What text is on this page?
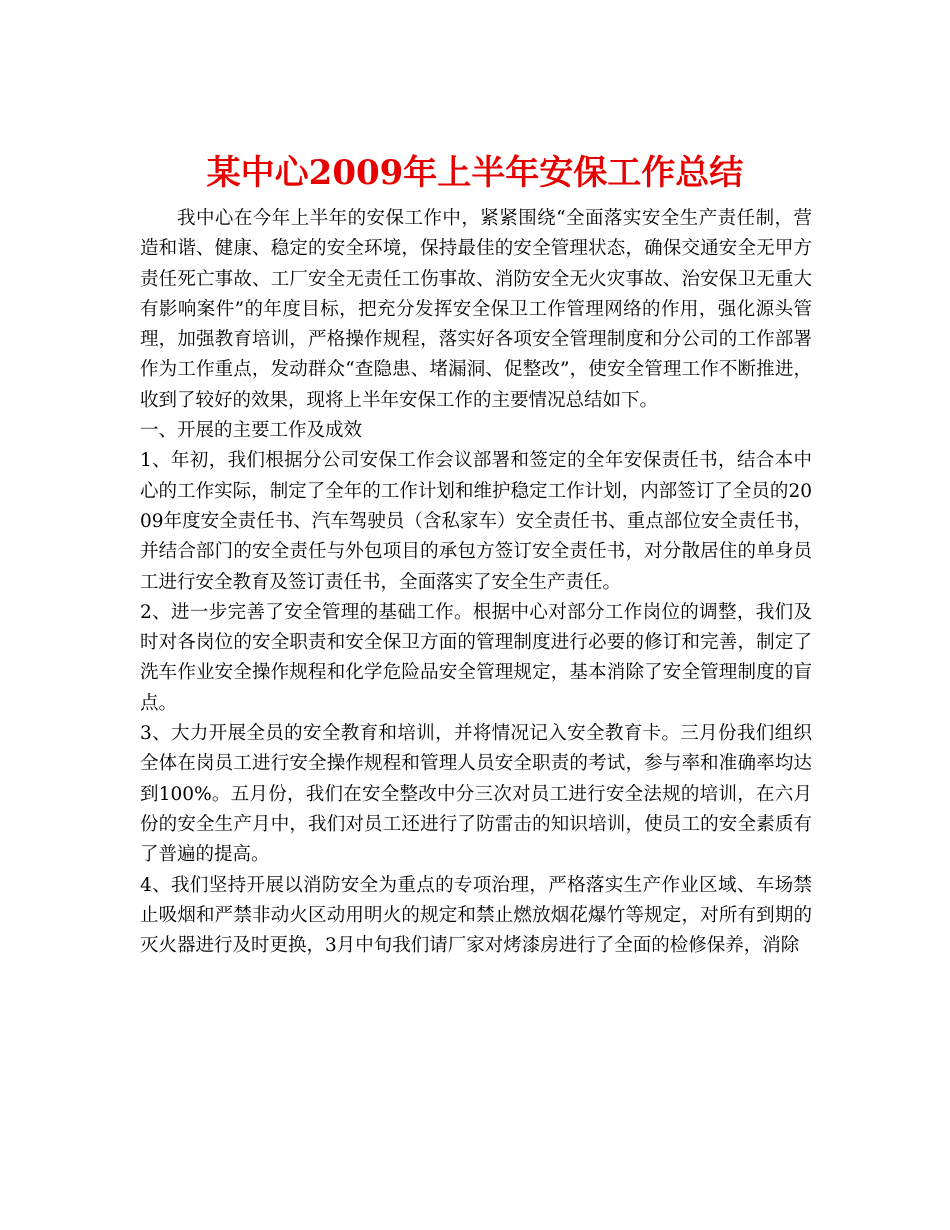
某中心2009年上半年安保工作总结

我中心在今年上半年的安保工作中，紧紧围绕“全面落实安全生产责任制，营造和谐、健康、稳定的安全环境，保持最佳的安全管理状态，确保交通安全无甲方责任死亡事故、工厂安全无责任工伤事故、消防安全无火灾事故、治安保卫无重大有影响案件”的年度目标，把充分发挥安全保卫工作管理网络的作用，强化源头管理，加强教育培训，严格操作规程，落实好各项安全管理制度和分公司的工作部署作为工作重点，发动群众“查隐患、堵漏洞、促整改”，使安全管理工作不断推进，收到了较好的效果，现将上半年安保工作的主要情况总结如下。

一、开展的主要工作及成效

1、年初，我们根据分公司安保工作会议部署和签定的全年安保责任书，结合本中心的工作实际，制定了全年的工作计划和维护稳定工作计划，内部签订了全员的2009年度安全责任书、汽车驾驶员（含私家车）安全责任书、重点部位安全责任书，并结合部门的安全责任与外包项目的承包方签订安全责任书，对分散居住的单身员工进行安全教育及签订责任书，全面落实了安全生产责任。

2、进一步完善了安全管理的基础工作。根据中心对部分工作岗位的调整，我们及时对各岗位的安全职责和安全保卫方面的管理制度进行必要的修订和完善，制定了洗车作业安全操作规程和化学危险品安全管理规定，基本消除了安全管理制度的盲点。

3、大力开展全员的安全教育和培训，并将情况记入安全教育卡。三月份我们组织全体在岗员工进行安全操作规程和管理人员安全职责的考试，参与率和准确率均达到100%。五月份，我们在安全整改中分三次对员工进行安全法规的培训，在六月份的安全生产月中，我们对员工还进行了防雷击的知识培训，使员工的安全素质有了普遍的提高。

4、我们坚持开展以消防安全为重点的专项治理，严格落实生产作业区域、车场禁止吸烟和严禁非动火区动用明火的规定和禁止燃放烟花爆竹等规定，对所有到期的灭火器进行及时更换，3月中旬我们请厂家对烤漆房进行了全面的检修保养，消除
